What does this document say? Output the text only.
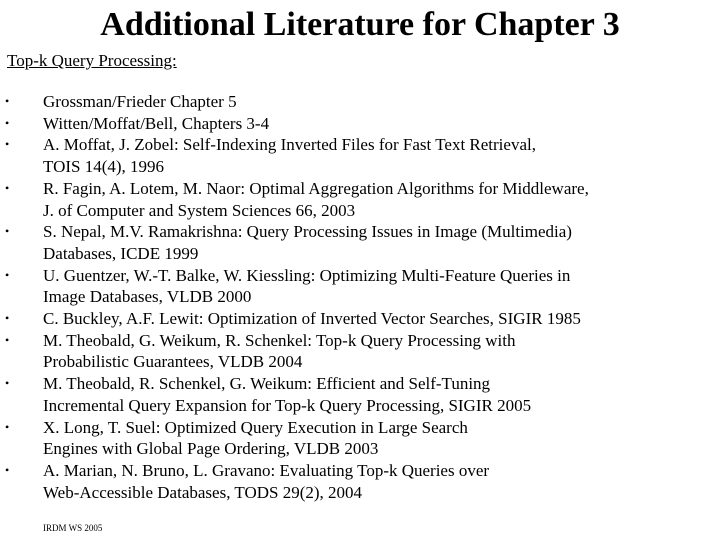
Additional Literature for Chapter 3
Top-k Query Processing:
• Grossman/Frieder Chapter 5
• Witten/Moffat/Bell, Chapters 3-4
• A. Moffat, J. Zobel: Self-Indexing Inverted Files for Fast Text Retrieval,
TOIS 14(4), 1996
• R. Fagin, A. Lotem, M. Naor: Optimal Aggregation Algorithms for Middleware,
J. of Computer and System Sciences 66, 2003
• S. Nepal, M.V. Ramakrishna: Query Processing Issues in Image (Multimedia)
Databases, ICDE 1999
• U. Guentzer, W.-T. Balke, W. Kiessling: Optimizing Multi-Feature Queries in
Image Databases, VLDB 2000
• C. Buckley, A.F. Lewit: Optimization of Inverted Vector Searches, SIGIR 1985
• M. Theobald, G. Weikum, R. Schenkel: Top-k Query Processing with
Probabilistic Guarantees, VLDB 2004
• M. Theobald, R. Schenkel, G. Weikum: Efficient and Self-Tuning
Incremental Query Expansion for Top-k Query Processing, SIGIR 2005
• X. Long, T. Suel: Optimized Query Execution in Large Search
Engines with Global Page Ordering, VLDB 2003
• A. Marian, N. Bruno, L. Gravano: Evaluating Top-k Queries over
Web-Accessible Databases, TODS 29(2), 2004
IRDM WS 2005
